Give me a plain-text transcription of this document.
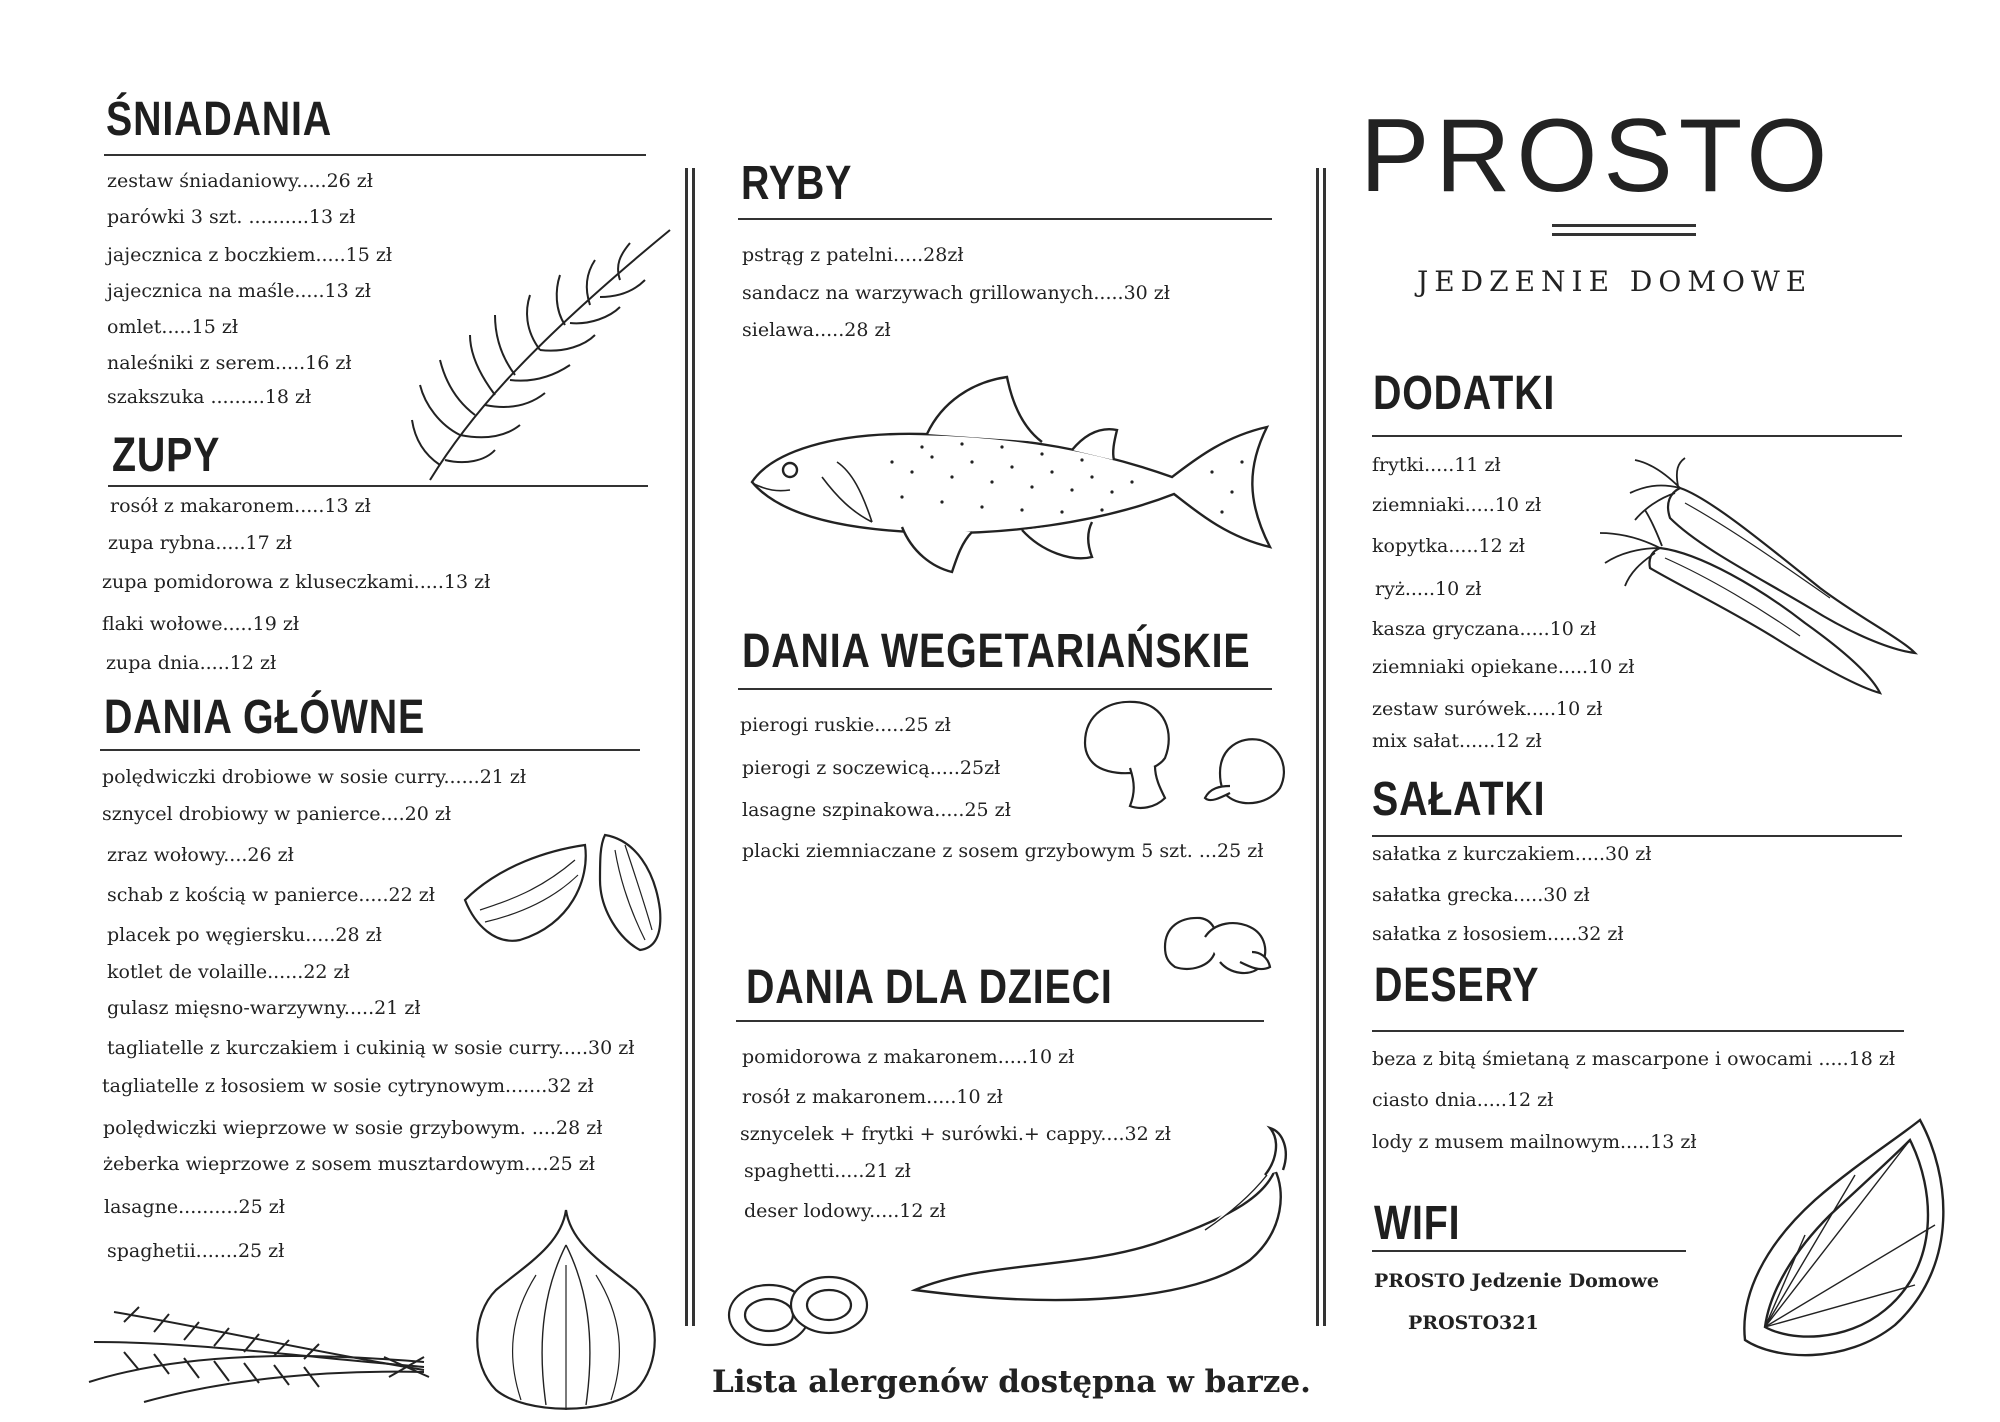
ŚNIADANIA
zestaw śniadaniowy.....26 zł
parówki 3 szt. ..........13 zł
jajecznica z boczkiem.....15 zł
jajecznica na maśle.....13 zł
omlet.....15 zł
naleśniki z serem.....16 zł
szakszuka .........18 zł
ZUPY
rosół z makaronem.....13 zł
zupa rybna.....17 zł
zupa pomidorowa z kluseczkami.....13 zł
flaki wołowe.....19 zł
zupa dnia.....12 zł
DANIA GŁÓWNE
polędwiczki drobiowe w sosie curry......21 zł
sznycel drobiowy w panierce....20 zł
zraz wołowy....26 zł
schab z kością w panierce.....22 zł
placek po węgiersku.....28 zł
kotlet de volaille......22 zł
gulasz mięsno-warzywny.....21 zł
tagliatelle z kurczakiem i cukinią w sosie curry.....30 zł
tagliatelle z łososiem w sosie cytrynowym.......32 zł
polędwiczki wieprzowe w sosie grzybowym. ....28 zł
żeberka wieprzowe z sosem musztardowym....25 zł
lasagne..........25 zł
spaghetii.......25 zł
RYBY
pstrąg z patelni.....28zł
sandacz na warzywach grillowanych.....30 zł
sielawa.....28 zł
DANIA WEGETARIAŃSKIE
pierogi ruskie.....25 zł
pierogi z soczewicą.....25zł
lasagne szpinakowa.....25 zł
placki ziemniaczane z sosem grzybowym 5 szt. ...25 zł
DANIA DLA DZIECI
pomidorowa z makaronem.....10 zł
rosół z makaronem.....10 zł
sznycelek + frytki + surówki.+ cappy....32 zł
spaghetti.....21 zł
deser lodowy.....12 zł
PROSTO
JEDZENIE DOMOWE
DODATKI
frytki.....11 zł
ziemniaki.....10 zł
kopytka.....12 zł
ryż.....10 zł
kasza gryczana.....10 zł
ziemniaki opiekane.....10 zł
zestaw surówek.....10 zł
mix sałat......12 zł
SAŁATKI
sałatka z kurczakiem.....30 zł
sałatka grecka.....30 zł
sałatka z łososiem.....32 zł
DESERY
beza z bitą śmietaną z mascarpone i owocami .....18 zł
ciasto dnia.....12 zł
lody z musem mailnowym.....13 zł
WIFI
PROSTO Jedzenie Domowe
PROSTO321
Lista alergenów dostępna w barze.
